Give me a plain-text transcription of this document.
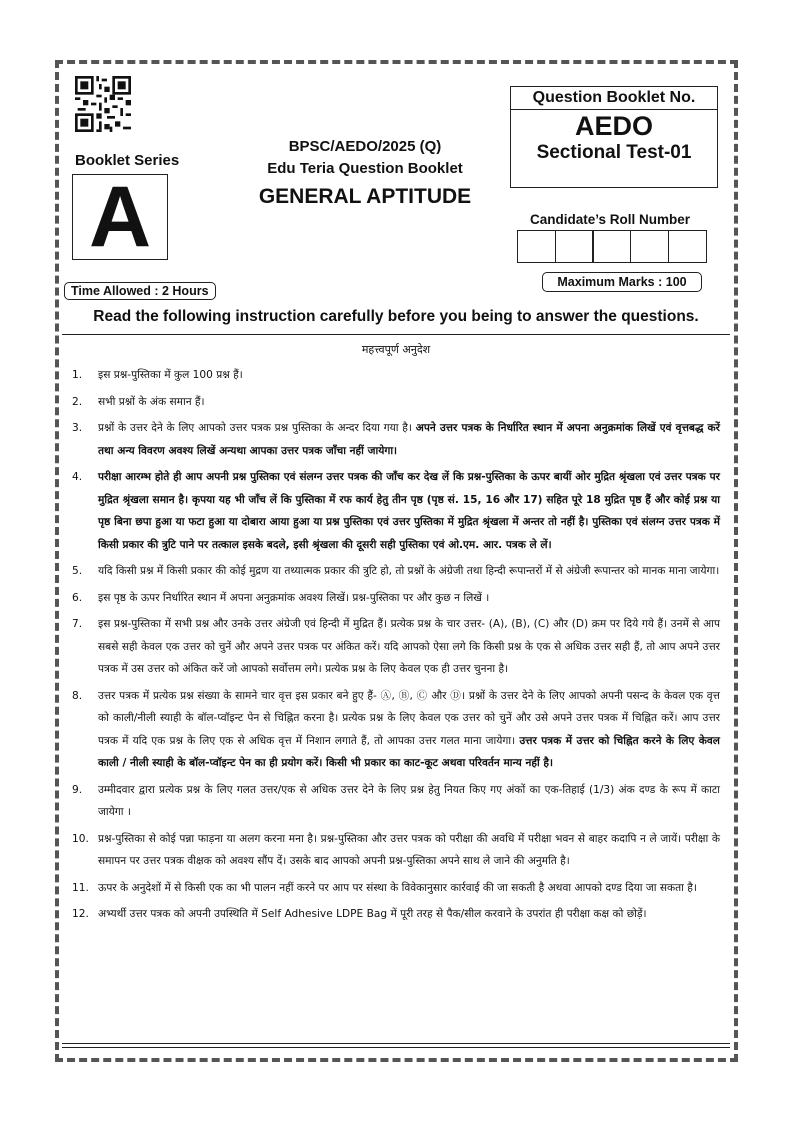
Booklet Series
A
Time Allowed : 2 Hours
BPSC/AEDO/2025 (Q)
Edu Teria Question Booklet
GENERAL APTITUDE
Question Booklet No.
AEDO
Sectional Test-01
Candidate’s Roll Number
Maximum Marks : 100
Read the following instruction carefully before you being to answer the questions.
महत्त्वपूर्ण अनुदेश
1.	इस प्रश्न-पुस्तिका में कुल 100 प्रश्न हैं।
2.	सभी प्रश्नों के अंक समान हैं।
3.	प्रश्नों के उत्तर देने के लिए आपको उत्तर पत्रक प्रश्न पुस्तिका के अन्दर दिया गया है। अपने उत्तर पत्रक के निर्धारित स्थान में अपना अनुक्रमांक लिखें एवं वृत्तबद्ध करें तथा अन्य विवरण अवश्य लिखें अन्यथा आपका उत्तर पत्रक जाँचा नहीं जायेगा।
4.	परीक्षा आरम्भ होते ही आप अपनी प्रश्न पुस्तिका एवं संलग्न उत्तर पत्रक की जाँच कर देख लें कि प्रश्न-पुस्तिका के ऊपर बायीं ओर मुद्रित श्रृंखला एवं उत्तर पत्रक पर मुद्रित श्रृंखला समान है। कृपया यह भी जाँच लें कि पुस्तिका में रफ कार्य हेतु तीन पृष्ठ (पृष्ठ सं. 15, 16 और 17) सहित पूरे 18 मुद्रित पृष्ठ हैं और कोई प्रश्न या पृष्ठ बिना छपा हुआ या फटा हुआ या दोबारा आया हुआ या प्रश्न पुस्तिका एवं उत्तर पुस्तिका में मुद्रित श्रृंखला में अन्तर तो नहीं है। पुस्तिका एवं संलग्न उत्तर पत्रक में किसी प्रकार की त्रुटि पाने पर तत्काल इसके बदले, इसी श्रृंखला की दूसरी सही पुस्तिका एवं ओ.एम. आर. पत्रक ले लें।
5.	यदि किसी प्रश्न में किसी प्रकार की कोई मुद्रण या तथ्यात्मक प्रकार की त्रुटि हो, तो प्रश्नों के अंग्रेजी तथा हिन्दी रूपान्तरों में से अंग्रेजी रूपान्तर को मानक माना जायेगा।
6.	इस पृष्ठ के ऊपर निर्धारित स्थान में अपना अनुक्रमांक अवश्य लिखें। प्रश्न-पुस्तिका पर और कुछ न लिखें ।
7.	इस प्रश्न-पुस्तिका में सभी प्रश्न और उनके उत्तर अंग्रेजी एवं हिन्दी में मुद्रित हैं। प्रत्येक प्रश्न के चार उत्तर- (A), (B), (C) और (D) क्रम पर दिये गये हैं। उनमें से आप सबसे सही केवल एक उत्तर को चुनें और अपने उत्तर पत्रक पर अंकित करें। यदि आपको ऐसा लगे कि किसी प्रश्न के एक से अधिक उत्तर सही हैं, तो आप अपने उत्तर पत्रक में उस उत्तर को अंकित करें जो आपको सर्वोत्तम लगे। प्रत्येक प्रश्न के लिए केवल एक ही उत्तर चुनना है।
8.	उत्तर पत्रक में प्रत्येक प्रश्न संख्या के सामने चार वृत्त इस प्रकार बने हुए हैं- Ⓐ, Ⓑ, Ⓒ और Ⓓ। प्रश्नों के उत्तर देने के लिए आपको अपनी पसन्द के केवल एक वृत्त को काली/नीली स्याही के बॉल-प्वॉइन्ट पेन से चिह्नित करना है। प्रत्येक प्रश्न के लिए केवल एक उत्तर को चुनें और उसे अपने उत्तर पत्रक में चिह्नित करें। आप उत्तर पत्रक में यदि एक प्रश्न के लिए एक से अधिक वृत्त में निशान लगाते हैं, तो आपका उत्तर गलत माना जायेगा। उत्तर पत्रक में उत्तर को चिह्नित करने के लिए केवल काली / नीली स्याही के बॉल-प्वॉइन्ट पेन का ही प्रयोग करें। किसी भी प्रकार का काट-कूट अथवा परिवर्तन मान्य नहीं है।
9.	उम्मीदवार द्वारा प्रत्येक प्रश्न के लिए गलत उत्तर/एक से अधिक उत्तर देने के लिए प्रश्न हेतु नियत किए गए अंकों का एक-तिहाई (1/3) अंक दण्ड के रूप में काटा जायेगा ।
10. प्रश्न-पुस्तिका से कोई पन्ना फाड़ना या अलग करना मना है। प्रश्न-पुस्तिका और उत्तर पत्रक को परीक्षा की अवधि में परीक्षा भवन से बाहर कदापि न ले जायें। परीक्षा के समापन पर उत्तर पत्रक वीक्षक को अवश्य सौंप दें। उसके बाद आपको अपनी प्रश्न-पुस्तिका अपने साथ ले जाने की अनुमति है।
11. ऊपर के अनुदेशों में से किसी एक का भी पालन नहीं करने पर आप पर संस्था के विवेकानुसार कार्रवाई की जा सकती है अथवा आपको दण्ड दिया जा सकता है।
12. अभ्यर्थी उत्तर पत्रक को अपनी उपस्थिति में Self Adhesive LDPE Bag में पूरी तरह से पैक/सील करवाने के उपरांत ही परीक्षा कक्ष को छोड़ें।
